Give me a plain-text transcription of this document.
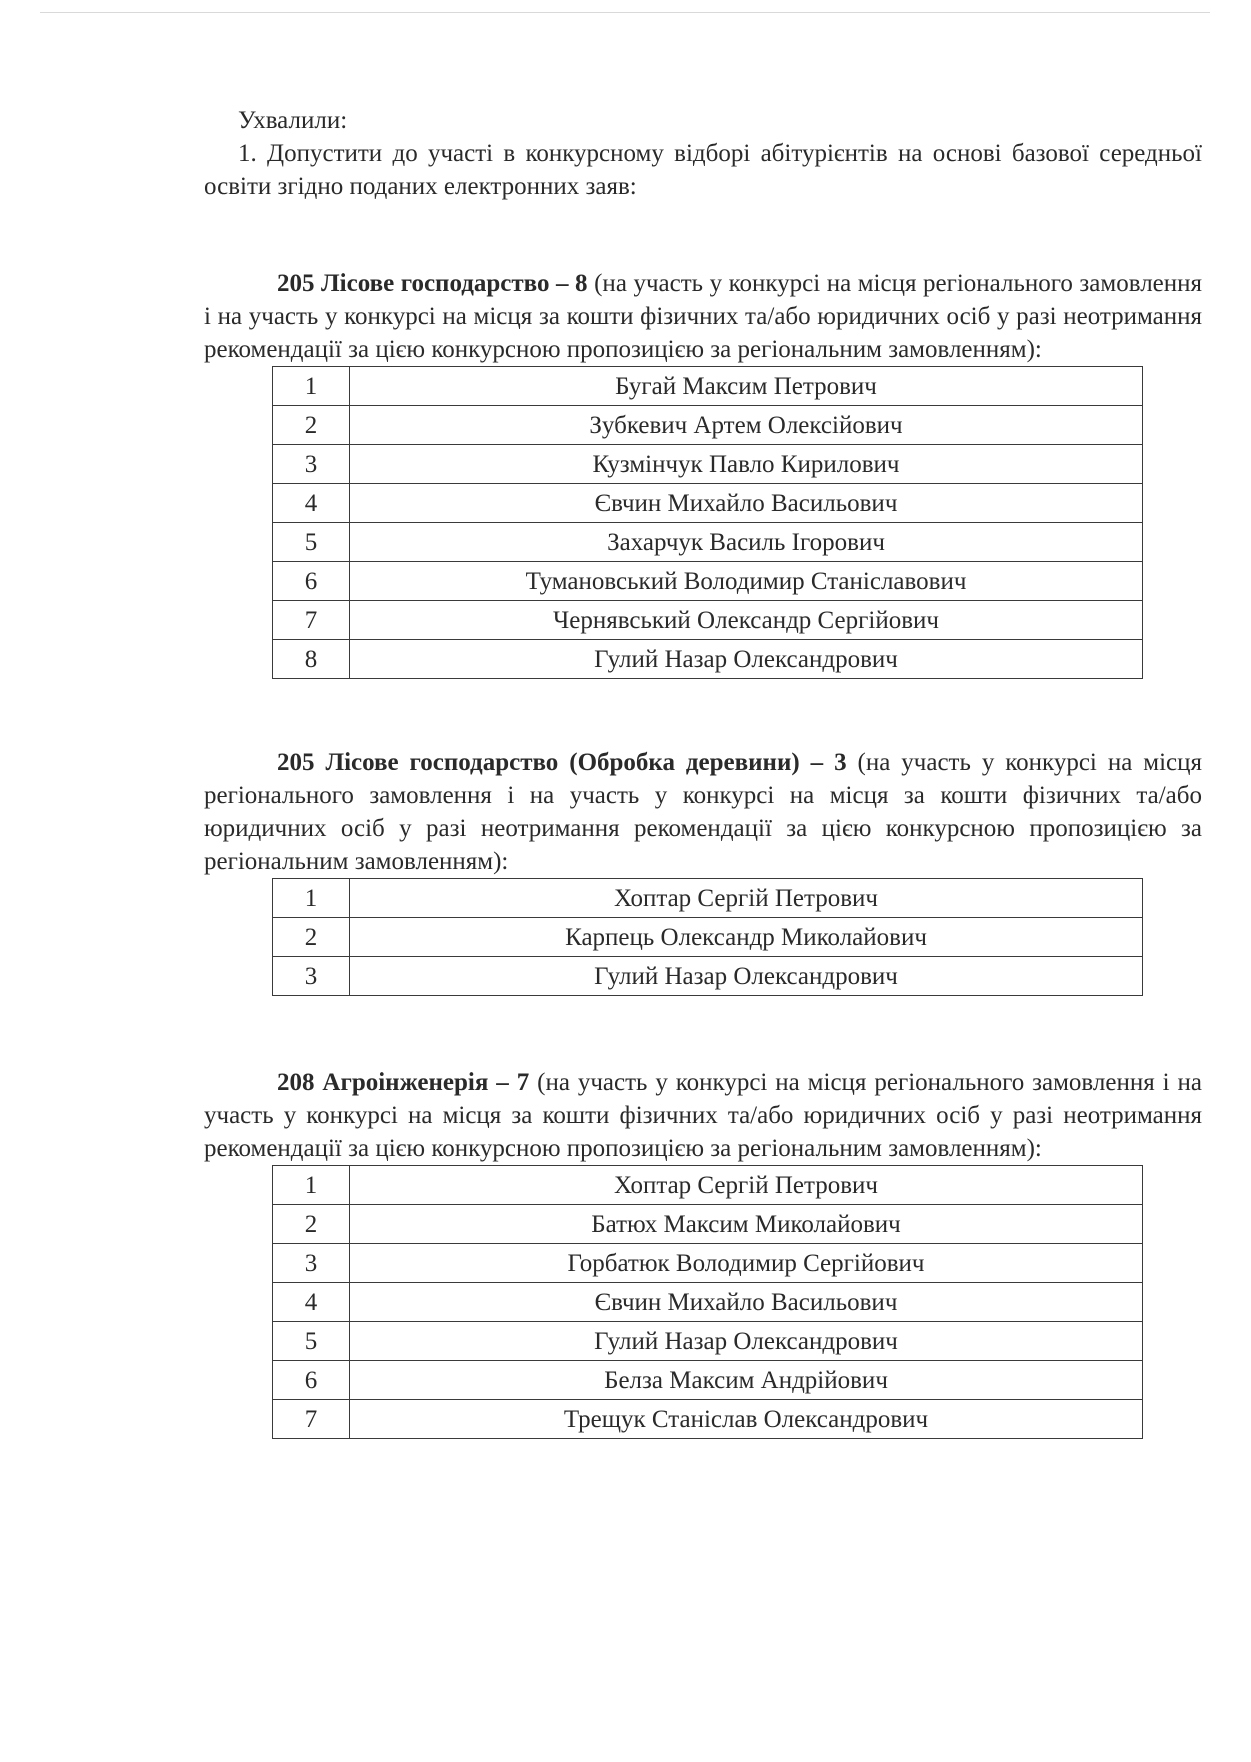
Ухвалили:

1. Допустити до участі в конкурсному відборі абітурієнтів на основі базової середньої освіти згідно поданих електронних заяв:

205 Лісове господарство – 8 (на участь у конкурсі на місця регіонального замовлення і на участь у конкурсі на місця за кошти фізичних та/або юридичних осіб у разі неотримання рекомендації за цією конкурсною пропозицією за регіональним замовленням):

1	Бугай Максим Петрович
2	Зубкевич Артем Олексійович
3	Кузмінчук Павло Кирилович
4	Євчин Михайло Васильович
5	Захарчук Василь Ігорович
6	Тумановський Володимир Станіславович
7	Чернявський Олександр Сергійович
8	Гулий Назар Олександрович

205 Лісове господарство (Обробка деревини) – 3 (на участь у конкурсі на місця регіонального замовлення і на участь у конкурсі на місця за кошти фізичних та/або юридичних осіб у разі неотримання рекомендації за цією конкурсною пропозицією за регіональним замовленням):

1	Хоптар Сергій Петрович
2	Карпець Олександр Миколайович
3	Гулий Назар Олександрович

208 Агроінженерія – 7 (на участь у конкурсі на місця регіонального замовлення і на участь у конкурсі на місця за кошти фізичних та/або юридичних осіб у разі неотримання рекомендації за цією конкурсною пропозицією за регіональним замовленням):

1	Хоптар Сергій Петрович
2	Батюх Максим Миколайович
3	Горбатюк Володимир Сергійович
4	Євчин Михайло Васильович
5	Гулий Назар Олександрович
6	Белза Максим Андрійович
7	Трещук Станіслав Олександрович
